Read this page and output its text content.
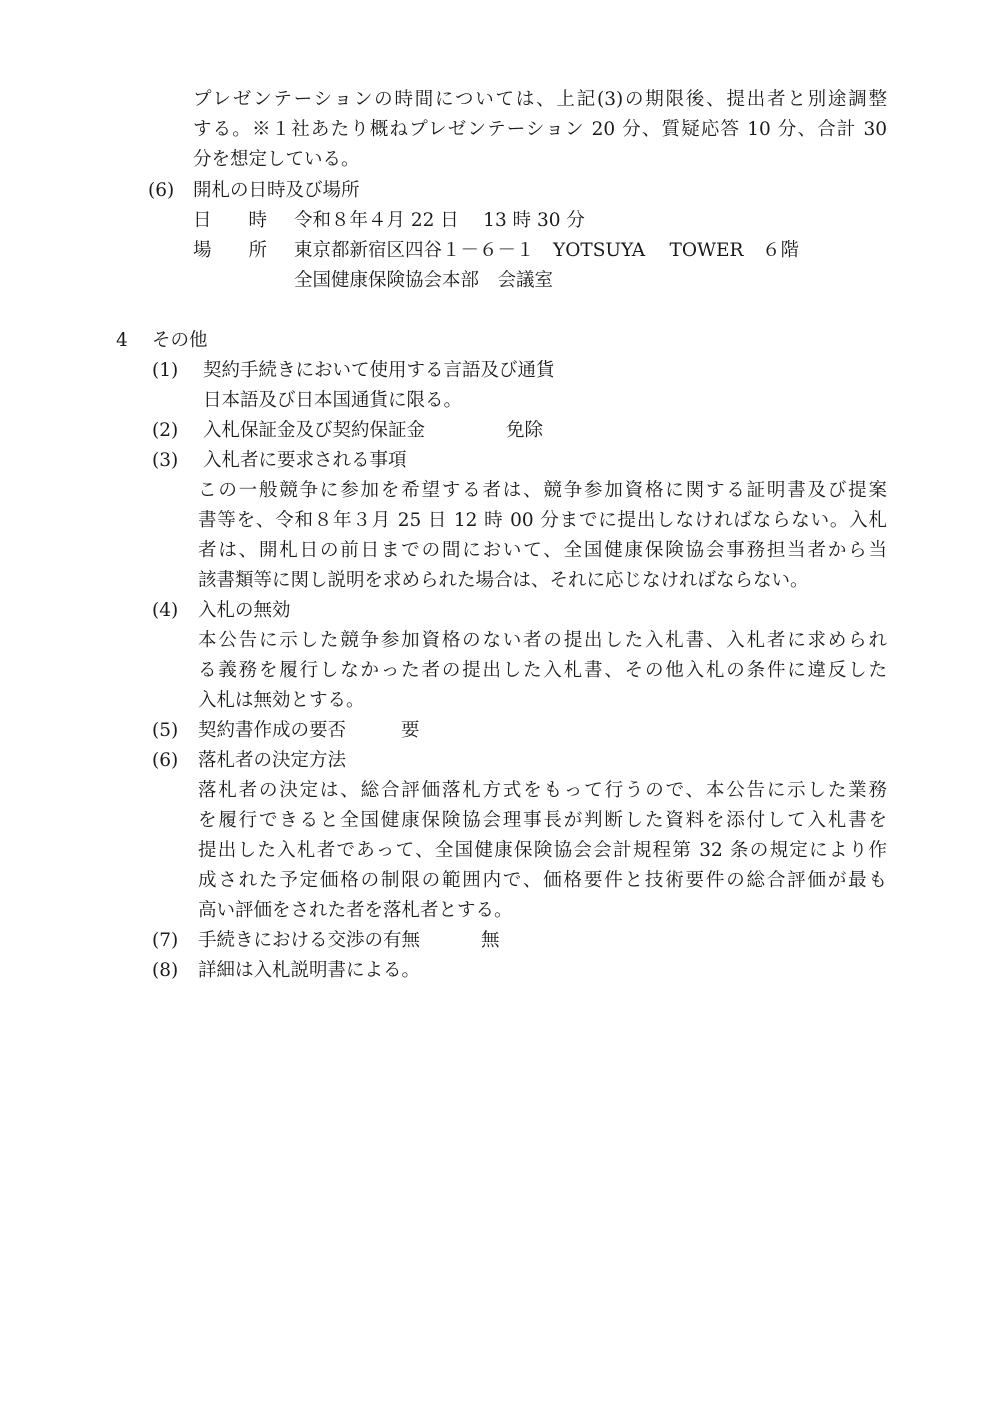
プレゼンテーションの時間については、上記(3)の期限後、提出者と別途調整
する。※１社あたり概ねプレゼンテーション 20 分、質疑応答 10 分、合計 30
分を想定している。
(6) 開札の日時及び場所
日　　時 令和８年４月 22 日　 13 時 30 分
場　　所 東京都新宿区四谷１－６－１　YOTSUYA　 TOWER　６階
全国健康保険協会本部　会議室
4 その他
(1) 契約手続きにおいて使用する言語及び通貨
日本語及び日本国通貨に限る。
(2) 入札保証金及び契約保証金	免除
(3) 入札者に要求される事項
この一般競争に参加を希望する者は、競争参加資格に関する証明書及び提案
書等を、令和８年３月 25 日 12 時 00 分までに提出しなければならない。入札
者は、開札日の前日までの間において、全国健康保険協会事務担当者から当
該書類等に関し説明を求められた場合は、それに応じなければならない。
(4) 入札の無効
本公告に示した競争参加資格のない者の提出した入札書、入札者に求められ
る義務を履行しなかった者の提出した入札書、その他入札の条件に違反した
入札は無効とする。
(5) 契約書作成の要否	要
(6) 落札者の決定方法
落札者の決定は、総合評価落札方式をもって行うので、本公告に示した業務
を履行できると全国健康保険協会理事長が判断した資料を添付して入札書を
提出した入札者であって、全国健康保険協会会計規程第 32 条の規定により作
成された予定価格の制限の範囲内で、価格要件と技術要件の総合評価が最も
高い評価をされた者を落札者とする。
(7) 手続きにおける交渉の有無	無
(8) 詳細は入札説明書による。
